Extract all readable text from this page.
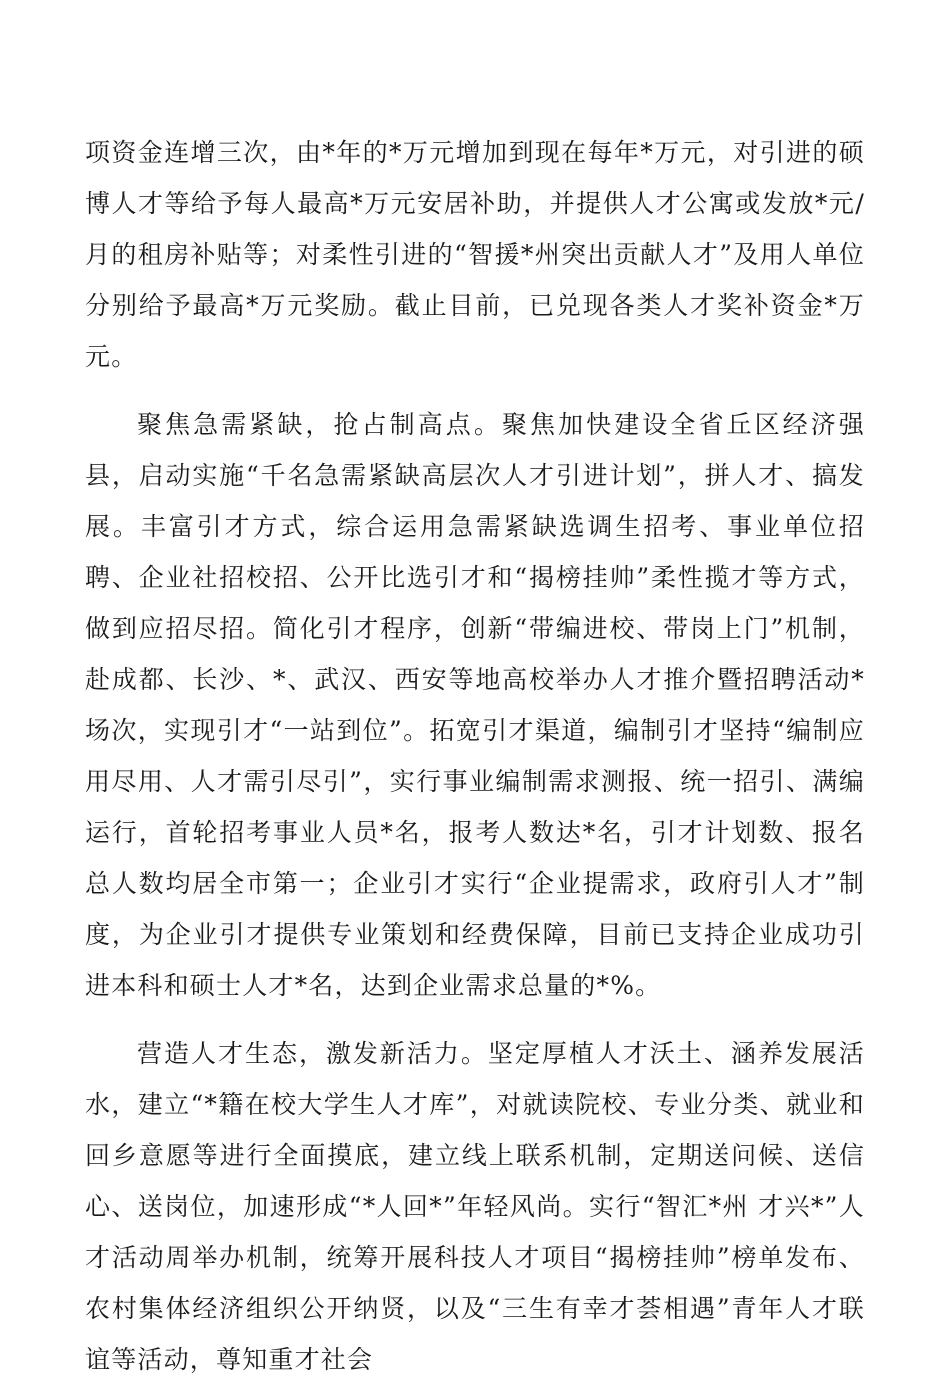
项资金连增三次，由*年的*万元增加到现在每年*万元，对引进的硕博人才等给予每人最高*万元安居补助，并提供人才公寓或发放*元/月的租房补贴等；对柔性引进的“智援*州突出贡献人才”及用人单位分别给予最高*万元奖励。截止目前，已兑现各类人才奖补资金*万元。

聚焦急需紧缺，抢占制高点。聚焦加快建设全省丘区经济强县，启动实施“千名急需紧缺高层次人才引进计划”，拼人才、搞发展。丰富引才方式，综合运用急需紧缺选调生招考、事业单位招聘、企业社招校招、公开比选引才和“揭榜挂帅”柔性揽才等方式，做到应招尽招。简化引才程序，创新“带编进校、带岗上门”机制，赴成都、长沙、*、武汉、西安等地高校举办人才推介暨招聘活动*场次，实现引才“一站到位”。拓宽引才渠道，编制引才坚持“编制应用尽用、人才需引尽引”，实行事业编制需求测报、统一招引、满编运行，首轮招考事业人员*名，报考人数达*名，引才计划数、报名总人数均居全市第一；企业引才实行“企业提需求，政府引人才”制度，为企业引才提供专业策划和经费保障，目前已支持企业成功引进本科和硕士人才*名，达到企业需求总量的*%。

营造人才生态，激发新活力。坚定厚植人才沃土、涵养发展活水，建立“*籍在校大学生人才库”，对就读院校、专业分类、就业和回乡意愿等进行全面摸底，建立线上联系机制，定期送问候、送信心、送岗位，加速形成“*人回*”年轻风尚。实行“智汇*州 才兴*”人才活动周举办机制，统筹开展科技人才项目“揭榜挂帅”榜单发布、农村集体经济组织公开纳贤，以及“三生有幸才荟相遇”青年人才联谊等活动，尊知重才社会
